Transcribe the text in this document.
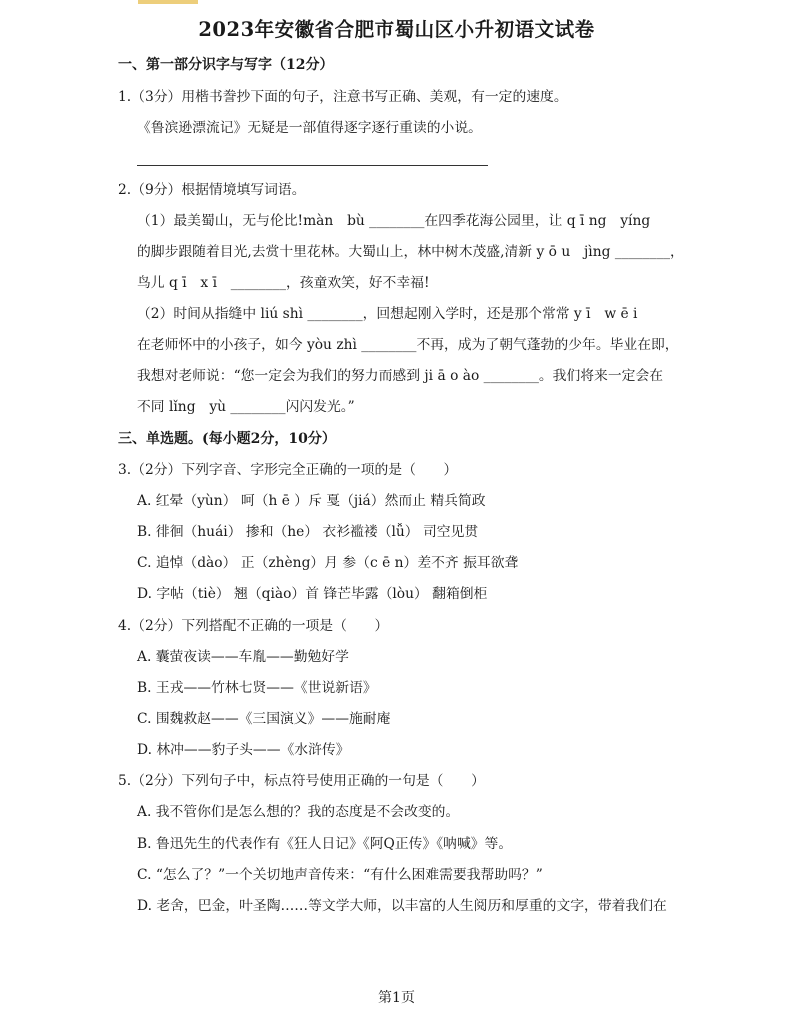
2023年安徽省合肥市蜀山区小升初语文试卷
一、第一部分识字与写字（12分）
1.（3分）用楷书誊抄下面的句子，注意书写正确、美观，有一定的速度。
《鲁滨逊漂流记》无疑是一部值得逐字逐行重读的小说。
2.（9分）根据情境填写词语。
（1）最美蜀山，无与伦比!màn　bù ________在四季花海公园里，让 q ī ng　yíng
的脚步跟随着目光,去赏十里花林。大蜀山上，林中树木茂盛,清新 y ō u　jìng ________，
鸟儿 q ī　x ī　________，孩童欢笑，好不幸福!
（2）时间从指缝中 liú shì ________，回想起刚入学时，还是那个常常 y ī　w ē i
在老师怀中的小孩子，如今 yòu zhì ________不再，成为了朝气蓬勃的少年。毕业在即，
我想对老师说：“您一定会为我们的努力而感到 ji ā o ào ________。我们将来一定会在
不同 lǐng　yù ________闪闪发光。”
三、单选题。(每小题2分，10分）
3.（2分）下列字音、字形完全正确的一项的是（　　）
A. 红晕（yùn） 呵（h ē ）斥 戛（jiá）然而止 精兵简政
B. 徘徊（huái） 掺和（he） 衣衫褴褛（lǚ） 司空见贯
C. 追悼（dào） 正（zhèng）月 参（c ē n）差不齐 振耳欲聋
D. 字帖（tiè） 翘（qiào）首 锋芒毕露（lòu） 翻箱倒柜
4.（2分）下列搭配不正确的一项是（　　）
A. 囊萤夜读——车胤——勤勉好学
B. 王戎——竹林七贤——《世说新语》
C. 围魏救赵——《三国演义》——施耐庵
D. 林冲——豹子头——《水浒传》
5.（2分）下列句子中，标点符号使用正确的一句是（　　）
A. 我不管你们是怎么想的？我的态度是不会改变的。
B. 鲁迅先生的代表作有《狂人日记》《阿Q正传》《呐喊》等。
C. “怎么了？”一个关切地声音传来：“有什么困难需要我帮助吗？”
D. 老舍，巴金，叶圣陶……等文学大师，以丰富的人生阅历和厚重的文字，带着我们在
第1页
